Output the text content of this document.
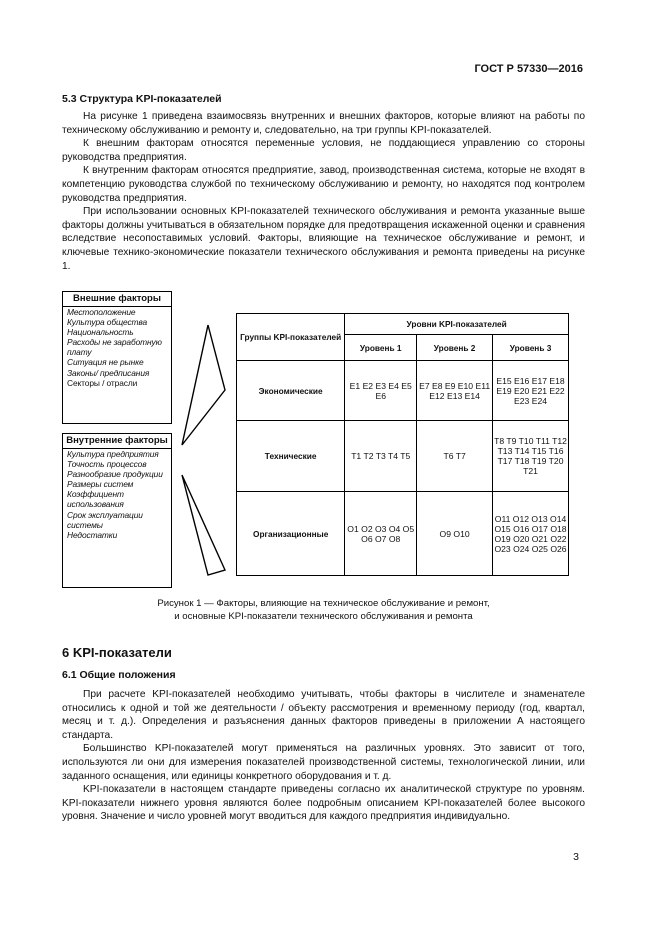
ГОСТ Р 57330—2016
5.3 Структура KPI-показателей

На рисунке 1 приведена взаимосвязь внутренних и внешних факторов, которые влияют на работы по техническому обслуживанию и ремонту и, следовательно, на три группы KPI-показателей.

К внешним факторам относятся переменные условия, не поддающиеся управлению со стороны руководства предприятия.

К внутренним факторам относятся предприятие, завод, производственная система, которые не входят в компетенцию руководства службой по техническому обслуживанию и ремонту, но находятся под контролем руководства предприятия.

При использовании основных KPI-показателей технического обслуживания и ремонта указанные выше факторы должны учитываться в обязательном порядке для предотвращения искаженной оценки и сравнения вследствие несопоставимых условий. Факторы, влияющие на техническое обслуживание и ремонт, и ключевые технико-экономические показатели технического обслуживания и ремонта приведены на рисунке 1.

Внешние факторы
Местоположение
Культура общества
Национальность
Расходы не заработную плату
Ситуация не рынке
Законы/ предписания
Секторы / отрасли
Внутренние факторы
Культура предприятия
Точность процессов
Разнообразие продукции
Размеры систем
Коэффициент использования
Срок эксплуатации системы
Недостатки
Группы KPI-показателей	Уровни KPI-показателей		
	Уровень 1	Уровень 2	Уровень 3
Экономические	E1 E2 E3 E4 E5 E6	E7 E8 E9 E10 E11 E12 E13 E14	E15 E16 E17 E18 E19 E20 E21 E22 E23 E24
Технические	T1 T2 T3 T4 T5	T6 T7	T8 T9 T10 T11 T12 T13 T14 T15 T16 T17 T18 T19 T20 T21
Организационные	O1 O2 O3 O4 O5 O6 O7 O8	O9 O10	O11 O12 O13 O14 O15 O16 O17 O18 O19 O20 O21 O22 O23 O24 O25 O26
Рисунок 1 — Факторы, влияющие на техническое обслуживание и ремонт,
и основные KPI-показатели технического обслуживания и ремонта
6 KPI-показатели
6.1 Общие положения

При расчете KPI-показателей необходимо учитывать, чтобы факторы в числителе и знаменателе относились к одной и той же деятельности / объекту рассмотрения и временному периоду (год, квартал, месяц и т. д.). Определения и разъяснения данных факторов приведены в приложении А настоящего стандарта.

Большинство KPI-показателей могут применяться на различных уровнях. Это зависит от того, используются ли они для измерения показателей производственной системы, технологической линии, или заданного оснащения, или единицы конкретного оборудования и т. д.

KPI-показатели в настоящем стандарте приведены согласно их аналитической структуре по уровням. KPI-показатели нижнего уровня являются более подробным описанием KPI-показателей более высокого уровня. Значение и число уровней могут вводиться для каждого предприятия индивидуально.

3
